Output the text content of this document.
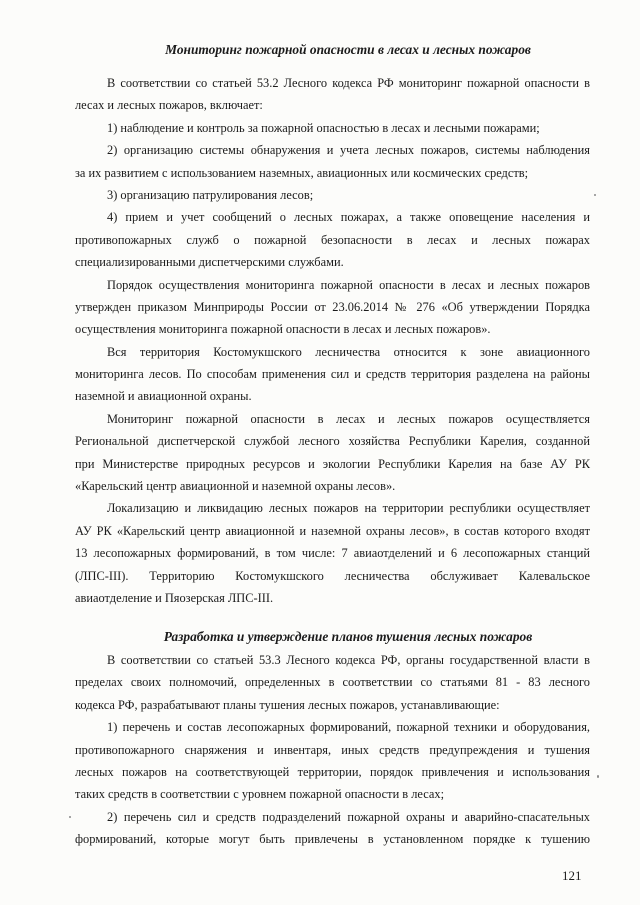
Мониторинг пожарной опасности в лесах и лесных пожаров
В соответствии со статьей 53.2 Лесного кодекса РФ мониторинг пожарной опасности в
лесах и лесных пожаров, включает:
1) наблюдение и контроль за пожарной опасностью в лесах и лесными пожарами;
2) организацию системы обнаружения и учета лесных пожаров, системы наблюдения
за их развитием с использованием наземных, авиационных или космических средств;
3) организацию патрулирования лесов;
4) прием и учет сообщений о лесных пожарах, а также оповещение населения и
противопожарных служб о пожарной безопасности в лесах и лесных пожарах
специализированными диспетчерскими службами.
Порядок осуществления мониторинга пожарной опасности в лесах и лесных пожаров
утвержден приказом Минприроды России от 23.06.2014 № 276 «Об утверждении Порядка
осуществления мониторинга пожарной опасности в лесах и лесных пожаров».
Вся территория Костомукшского лесничества относится к зоне авиационного
мониторинга лесов. По способам применения сил и средств территория разделена на районы
наземной и авиационной охраны.
Мониторинг пожарной опасности в лесах и лесных пожаров осуществляется
Региональной диспетчерской службой лесного хозяйства Республики Карелия, созданной
при Министерстве природных ресурсов и экологии Республики Карелия на базе АУ РК
«Карельский центр авиационной и наземной охраны лесов».
Локализацию и ликвидацию лесных пожаров на территории республики осуществляет
АУ РК «Карельский центр авиационной и наземной охраны лесов», в состав которого входят
13 лесопожарных формирований, в том числе: 7 авиаотделений и 6 лесопожарных станций
(ЛПС-III). Территорию Костомукшского лесничества обслуживает Калевальское
авиаотделение и Пяозерская ЛПС-III.
Разработка и утверждение планов тушения лесных пожаров
В соответствии со статьей 53.3 Лесного кодекса РФ, органы государственной власти в
пределах своих полномочий, определенных в соответствии со статьями 81 - 83 лесного
кодекса РФ, разрабатывают планы тушения лесных пожаров, устанавливающие:
1) перечень и состав лесопожарных формирований, пожарной техники и оборудования,
противопожарного снаряжения и инвентаря, иных средств предупреждения и тушения
лесных пожаров на соответствующей территории, порядок привлечения и использования
таких средств в соответствии с уровнем пожарной опасности в лесах;
2) перечень сил и средств подразделений пожарной охраны и аварийно-спасательных
формирований, которые могут быть привлечены в установленном порядке к тушению
121
